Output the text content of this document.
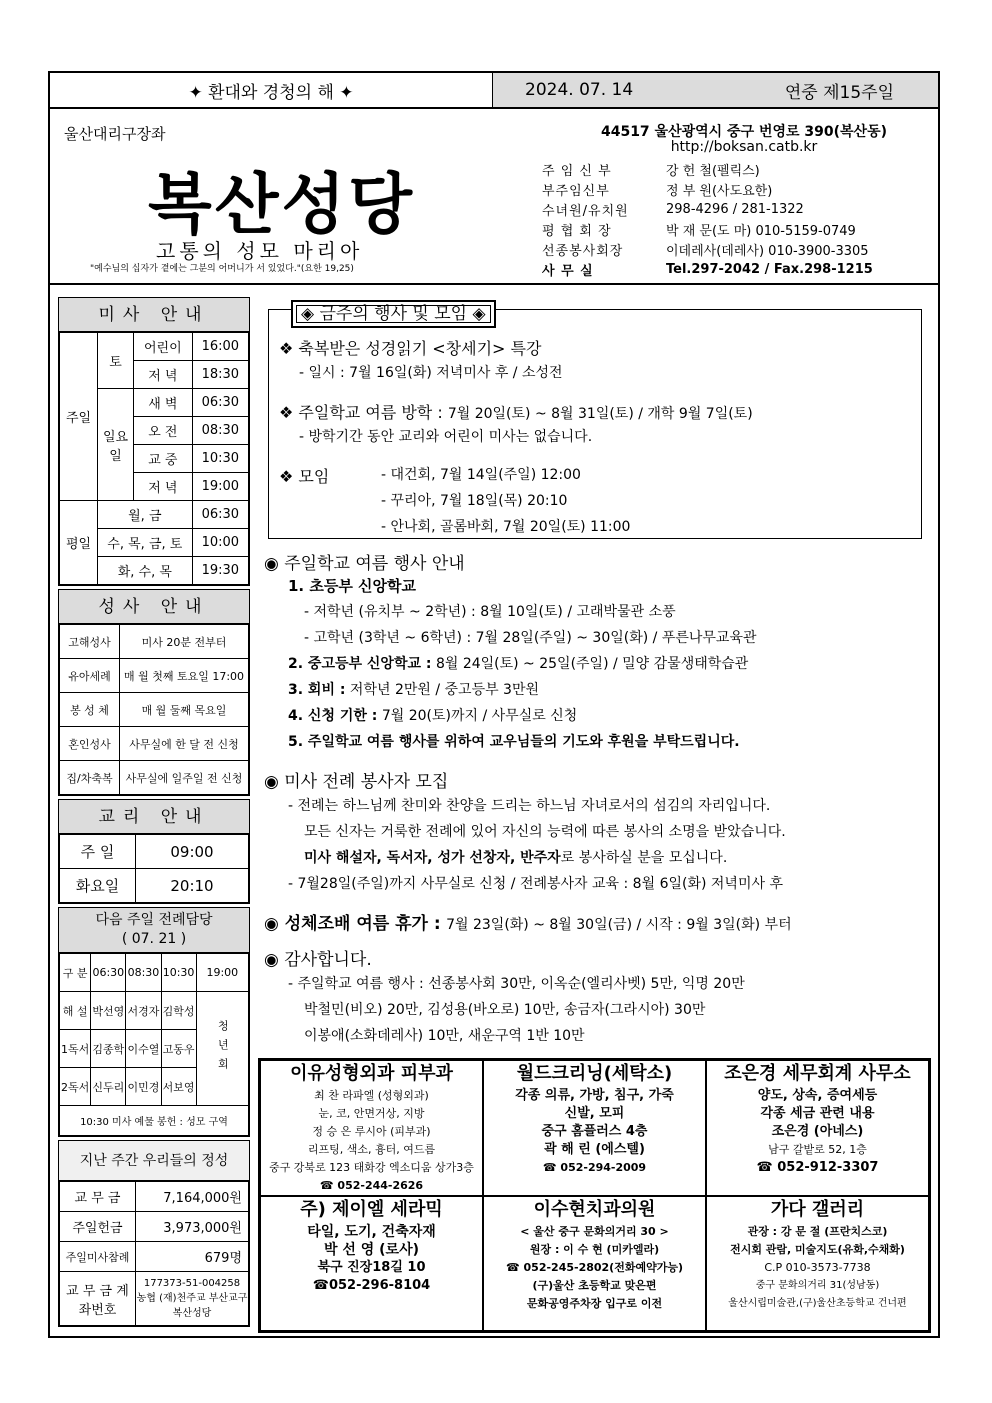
✦ 환대와 경청의 해 ✦	2024. 07. 14	연중 제15주일
울산대리구장좌
복산성당
고통의 성모 마리아
"예수님의 십자가 곁에는 그분의 어머니가 서 있었다."(요한 19,25)
44517 울산광역시 중구 번영로 390(복산동)
http://boksan.catb.kr
주 임 신 부	강 헌 철(펠릭스)
부주임신부	정 부 원(사도요한)
수녀원/유치원	298-4296 / 281-1322
평 협 회 장	박 재 문(도 마) 010-5159-0749
선종봉사회장	이데레사(데레사) 010-3900-3305
사 무 실	Tel.297-2042 / Fax.298-1215
미사 안내
주일	토	어린이	16:00
		저 녁	18:30
	일요일	새 벽	06:30
		오 전	08:30
		교 중	10:30
		저 녁	19:00
평일	월, 금		06:30
	수, 목, 금, 토		10:00
	화, 수, 목		19:30
성사 안내
고해성사	미사 20분 전부터
유아세례	매 월 첫째 토요일 17:00
봉 성 체	매 월 둘째 목요일
혼인성사	사무실에 한 달 전 신청
집/차축복	사무실에 일주일 전 신청
교리 안내
주 일	09:00
화요일	20:10
다음 주일 전례담당
( 07. 21 )
구 분	06:30	08:30	10:30	19:00
해 설	박선영	서경자	김학성	청년회
1독서	김종학	이수열	고동우	
2독서	신두리	이민경	서보영	
10:30 미사 예물 봉헌 : 성모 구역				
지난 주간 우리들의 정성
교 무 금	7,164,000원
주일헌금	3,973,000원
주일미사참례	679명
교 무 금 계좌번호	177373-51-004258
농협 (재)천주교 부산교구
복산성당
◈ 금주의 행사 및 모임 ◈
❖ 축복받은 성경읽기 <창세기> 특강
- 일시 : 7월 16일(화) 저녁미사 후 / 소성전
❖ 주일학교 여름 방학 : 7월 20일(토) ~ 8월 31일(토) / 개학 9월 7일(토)
- 방학기간 동안 교리와 어린이 미사는 없습니다.
❖ 모임	- 대건회, 7월 14일(주일) 12:00
- 꾸리아, 7월 18일(목) 20:10
- 안나회, 골롬바회, 7월 20일(토) 11:00
◉ 주일학교 여름 행사 안내
1. 초등부 신앙학교
- 저학년 (유치부 ~ 2학년) : 8월 10일(토) / 고래박물관 소풍
- 고학년 (3학년 ~ 6학년) : 7월 28일(주일) ~ 30일(화) / 푸른나무교육관
2. 중고등부 신앙학교 : 8월 24일(토) ~ 25일(주일) / 밀양 감물생태학습관
3. 회비 : 저학년 2만원 / 중고등부 3만원
4. 신청 기한 : 7월 20(토)까지 / 사무실로 신청
5. 주일학교 여름 행사를 위하여 교우님들의 기도와 후원을 부탁드립니다.
◉ 미사 전례 봉사자 모집
- 전례는 하느님께 찬미와 찬양을 드리는 하느님 자녀로서의 섬김의 자리입니다.
모든 신자는 거룩한 전례에 있어 자신의 능력에 따른 봉사의 소명을 받았습니다.
미사 해설자, 독서자, 성가 선창자, 반주자로 봉사하실 분을 모십니다.
- 7월28일(주일)까지 사무실로 신청 / 전례봉사자 교육 : 8월 6일(화) 저녁미사 후
◉ 성체조배 여름 휴가 : 7월 23일(화) ~ 8월 30일(금) / 시작 : 9월 3일(화) 부터
◉ 감사합니다.
- 주일학교 여름 행사 : 선종봉사회 30만, 이옥순(엘리사벳) 5만, 익명 20만
박철민(비오) 20만, 김성용(바오로) 10만, 송금자(그라시아) 30만
이봉애(소화데레사) 10만, 새운구역 1반 10만
이유성형외과 피부과
최 찬 라파엘 (성형외과)
눈, 코, 안면거상, 지방
정 승 은 루시아 (피부과)
리프팅, 색소, 흉터, 여드름
중구 강북로 123 태화강 엑소디움 상가3층
☎ 052-244-2626
월드크리닝(세탁소)
각종 의류, 가방, 침구, 가죽
신발, 모피
중구 홈플러스 4층
곽 해 린 (에스텔)
☎ 052-294-2009
조은경 세무회계 사무소
양도, 상속, 증여세등
각종 세금 관련 내용
조은경 (아네스)
남구 갈밭로 52, 1층
☎ 052-912-3307
주) 제이엘 세라믹
타일, 도기, 건축자재
박 선 영 (로사)
북구 진장18길 10
☎052-296-8104
이수현치과의원
< 울산 중구 문화의거리 30 >
원장 : 이 수 현 (미카엘라)
☎ 052-245-2802(전화예약가능)
(구)울산 초등학교 맞은편
문화공영주차장 입구로 이전
가다 갤러리
관장 : 강 문 절 (프란치스코)
전시회 관람, 미술지도(유화,수채화)
C.P 010-3573-7738
중구 문화의거리 31(성남동)
울산시립미술관,(구)울산초등학교 건너편
